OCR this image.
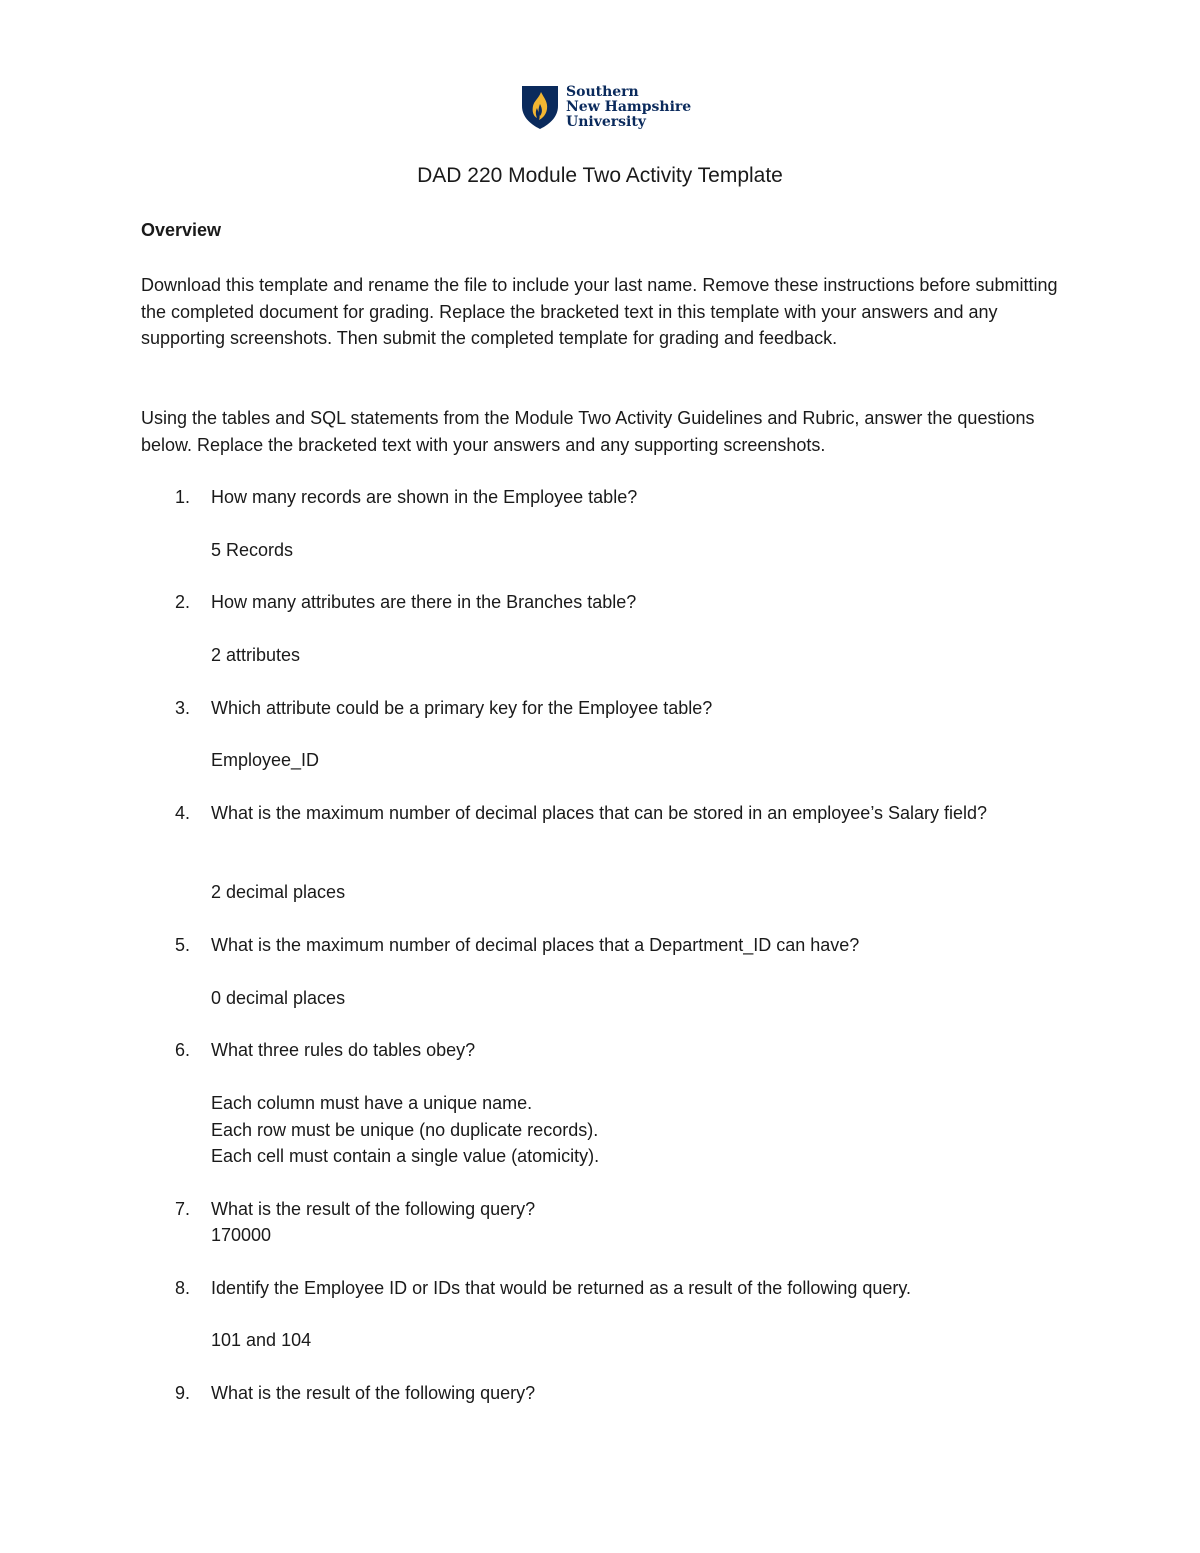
Southern
New Hampshire
University
DAD 220 Module Two Activity Template
Overview

Download this template and rename the file to include your last name. Remove these instructions before submitting the completed document for grading. Replace the bracketed text in this template with your answers and any supporting screenshots. Then submit the completed template for grading and feedback.

Using the tables and SQL statements from the Module Two Activity Guidelines and Rubric, answer the questions below. Replace the bracketed text with your answers and any supporting screenshots.

1. How many records are shown in the Employee table?
5 Records
2. How many attributes are there in the Branches table?
2 attributes
3. Which attribute could be a primary key for the Employee table?
Employee_ID
4. What is the maximum number of decimal places that can be stored in an employee’s Salary field?
2 decimal places
5. What is the maximum number of decimal places that a Department_ID can have?
0 decimal places
6. What three rules do tables obey?
Each column must have a unique name.
Each row must be unique (no duplicate records).
Each cell must contain a single value (atomicity).
7. What is the result of the following query?
170000
8. Identify the Employee ID or IDs that would be returned as a result of the following query.
101 and 104
9. What is the result of the following query?
